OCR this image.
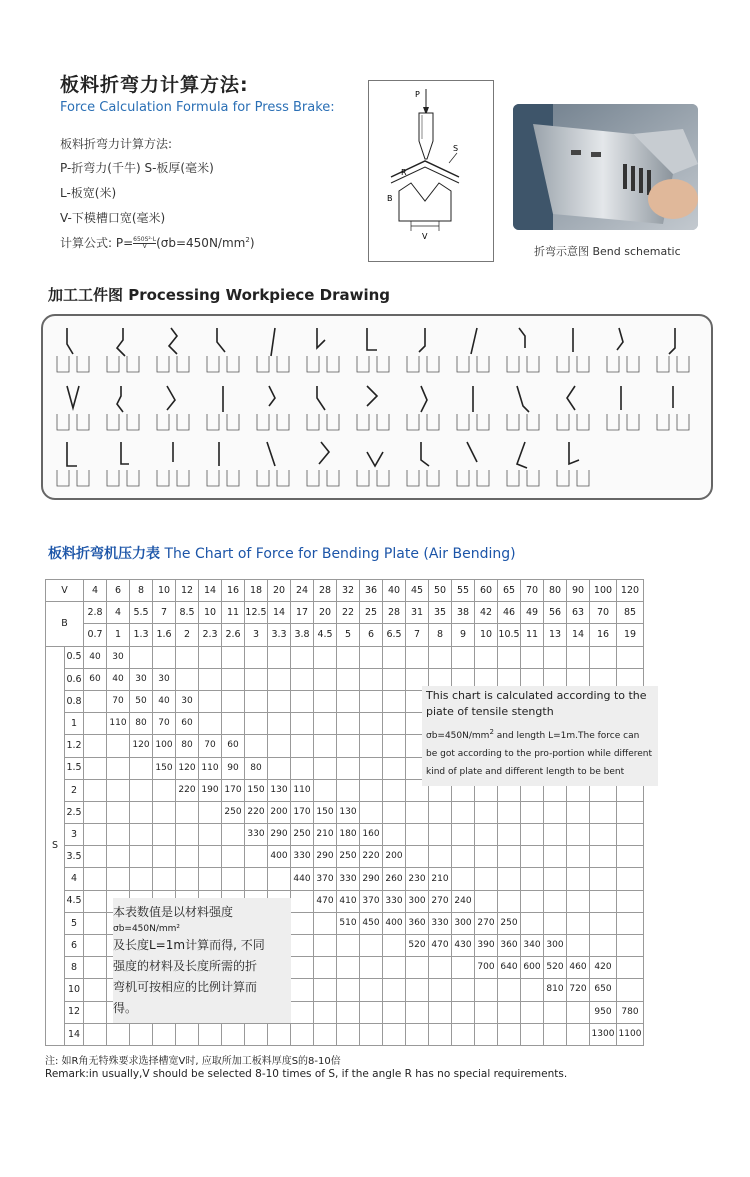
板料折弯力计算方法:
Force Calculation Formula for Press Brake:
板料折弯力计算方法:
P-折弯力(千牛) S-板厚(毫米)
L-板宽(米)
V-下模槽口宽(毫米)
计算公式: $P= \frac{\text{650S²·L}}{V} (\sigma b=450N/mm^2)$
P
S
R
B
V
折弯示意图 Bend schematic
加工工件图 Processing Workpiece Drawing
板料折弯机压力表 The Chart of Force for Bending Plate (Air Bending)
V		4	6	8	10	12	14	16	18	20	24	28	32	36	40	45	50	55	60	65	70	80	90	100	120
B		2.8	4	5.5	7	8.5	10	11	12.5	14	17	20	22	25	28	31	35	38	42	46	49	56	63	70	85
		0.7	1	1.3	1.6	2	2.3	2.6	3	3.3	3.8	4.5	5	6	6.5	7	8	9	10	10.5	11	13	14	16	19
S	0.5	40	30																						
	0.6	60	40	30	30																				
	0.8		70	50	40	30																			
	1		110	80	70	60																			
	1.2			120	100	80	70	60																	
	1.5				150	120	110	90	80																
	2					220	190	170	150	130	110														
	2.5							250	220	200	170	150	130												
	3								330	290	250	210	180	160											
	3.5									400	330	290	250	220	200										
	4										440	370	330	290	260	230	210								
	4.5											470	410	370	330	300	270	240							
	5												510	450	400	360	330	300	270	250					
	6															520	470	430	390	360	340	300			
	8																		700	640	600	520	460	420	
	10																					810	720	650	
	12																							950	780
	14																							1300	1100
This chart is calculated according to the
piate of tensile stength
$\sigma b=450N/mm^2$ and length L=1m.The force can
be got according to the pro-portion while different
kind of plate and different length to be bent
本表数值是以材料强度
σb=450N/mm²
及长度L=1m计算而得, 不同
强度的材料及长度所需的折
弯机可按相应的比例计算而
得。
注: 如R角无特殊要求选择槽宽V时, 应取所加工板料厚度S的8-10倍
Remark:in usually,V should be selected 8-10 times of S, if the angle R has no special requirements.
